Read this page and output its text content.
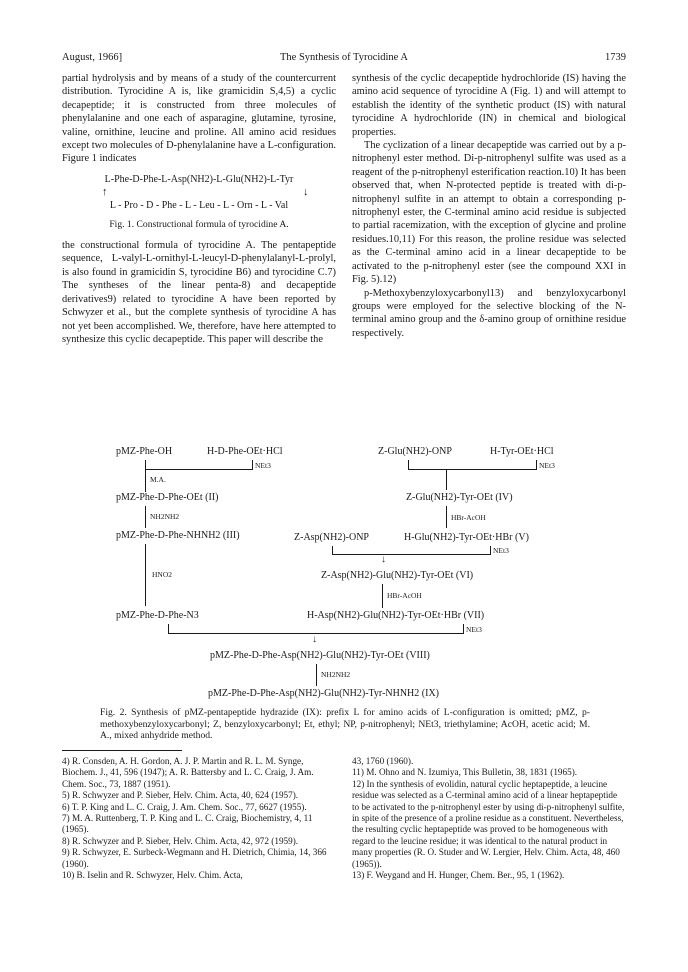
August, 1966]	The Synthesis of Tyrocidine A	1739

partial hydrolysis and by means of a study of the countercurrent distribution. Tyrocidine A is, like gramicidin S,4,5) a cyclic decapeptide; it is constructed from three molecules of phenylalanine and one each of asparagine, glutamine, tyrosine, valine, ornithine, leucine and proline. All amino acid residues except two molecules of D-phenylalanine have a L-configuration. Figure 1 indicates

L-Phe-D-Phe-L-Asp(NH2)-L-Glu(NH2)-L-Tyr
↑	↓
L - Pro - D - Phe - L - Leu - L - Orn - L - Val
Fig. 1. Constructional formula of tyrocidine A.

the constructional formula of tyrocidine A. The pentapeptide sequence, L-valyl-L-ornithyl-L-leucyl-D-phenylalanyl-L-prolyl, is also found in gramicidin S, tyrocidine B6) and tyrocidine C.7) The syntheses of the linear penta-8) and decapeptide derivatives9) related to tyrocidine A have been reported by Schwyzer et al., but the complete synthesis of tyrocidine A has not yet been accomplished. We, therefore, have here attempted to synthesize this cyclic decapeptide. This paper will describe the

synthesis of the cyclic decapeptide hydrochloride (IS) having the amino acid sequence of tyrocidine A (Fig. 1) and will attempt to establish the identity of the synthetic product (IS) with natural tyrocidine A hydrochloride (IN) in chemical and biological properties.

The cyclization of a linear decapeptide was carried out by a p-nitrophenyl ester method. Di-p-nitrophenyl sulfite was used as a reagent of the p-nitrophenyl esterification reaction.10) It has been observed that, when N-protected peptide is treated with di-p-nitrophenyl sulfite in an attempt to obtain a corresponding p-nitrophenyl ester, the C-terminal amino acid residue is subjected to partial racemization, with the exception of glycine and proline residues.10,11) For this reason, the proline residue was selected as the C-terminal amino acid in a linear decapeptide to be activated to the p-nitrophenyl ester (see the compound XXI in Fig. 5).12)

p-Methoxybenzyloxycarbonyl13) and benzyloxycarbonyl groups were employed for the selective blocking of the N-terminal amino group and the δ-amino group of ornithine residue respectively.

pMZ-Phe-OH	H-D-Phe-OEt·HCl
NEt3
M.A.
pMZ-Phe-D-Phe-OEt (II)
NH2NH2
pMZ-Phe-D-Phe-NHNH2 (III)
HNO2
pMZ-Phe-D-Phe-N3
Z-Glu(NH2)-ONP	H-Tyr-OEt·HCl
NEt3
Z-Glu(NH2)-Tyr-OEt (IV)
HBr-AcOH
Z-Asp(NH2)-ONP	H-Glu(NH2)-Tyr-OEt·HBr (V)
NEt3
↓
Z-Asp(NH2)-Glu(NH2)-Tyr-OEt (VI)
HBr-AcOH
H-Asp(NH2)-Glu(NH2)-Tyr-OEt·HBr (VII)
NEt3
↓
pMZ-Phe-D-Phe-Asp(NH2)-Glu(NH2)-Tyr-OEt (VIII)
NH2NH2
pMZ-Phe-D-Phe-Asp(NH2)-Glu(NH2)-Tyr-NHNH2 (IX)
Fig. 2. Synthesis of pMZ-pentapeptide hydrazide (IX): prefix L for amino acids of L-configuration is omitted; pMZ, p-methoxybenzyloxycarbonyl; Z, benzyloxycarbonyl; Et, ethyl; NP, p-nitrophenyl; NEt3, triethylamine; AcOH, acetic acid; M. A., mixed anhydride method.
4) R. Consden, A. H. Gordon, A. J. P. Martin and R. L. M. Synge, Biochem. J., 41, 596 (1947); A. R. Battersby and L. C. Craig, J. Am. Chem. Soc., 73, 1887 (1951).
5) R. Schwyzer and P. Sieber, Helv. Chim. Acta, 40, 624 (1957).
6) T. P. King and L. C. Craig, J. Am. Chem. Soc., 77, 6627 (1955).
7) M. A. Ruttenberg, T. P. King and L. C. Craig, Biochemistry, 4, 11 (1965).
8) R. Schwyzer and P. Sieber, Helv. Chim. Acta, 42, 972 (1959).
9) R. Schwyzer, E. Surbeck-Wegmann and H. Dietrich, Chimia, 14, 366 (1960).
10) B. Iselin and R. Schwyzer, Helv. Chim. Acta,
43, 1760 (1960).
11) M. Ohno and N. Izumiya, This Bulletin, 38, 1831 (1965).
12) In the synthesis of evolidin, natural cyclic heptapeptide, a leucine residue was selected as a C-terminal amino acid of a linear heptapeptide to be activated to the p-nitrophenyl ester by using di-p-nitrophenyl sulfite, in spite of the presence of a proline residue as a constituent. Nevertheless, the resulting cyclic heptapeptide was proved to be homogeneous with regard to the leucine residue; it was identical to the natural product in many properties (R. O. Studer and W. Lergier, Helv. Chim. Acta, 48, 460 (1965)).
13) F. Weygand and H. Hunger, Chem. Ber., 95, 1 (1962).
